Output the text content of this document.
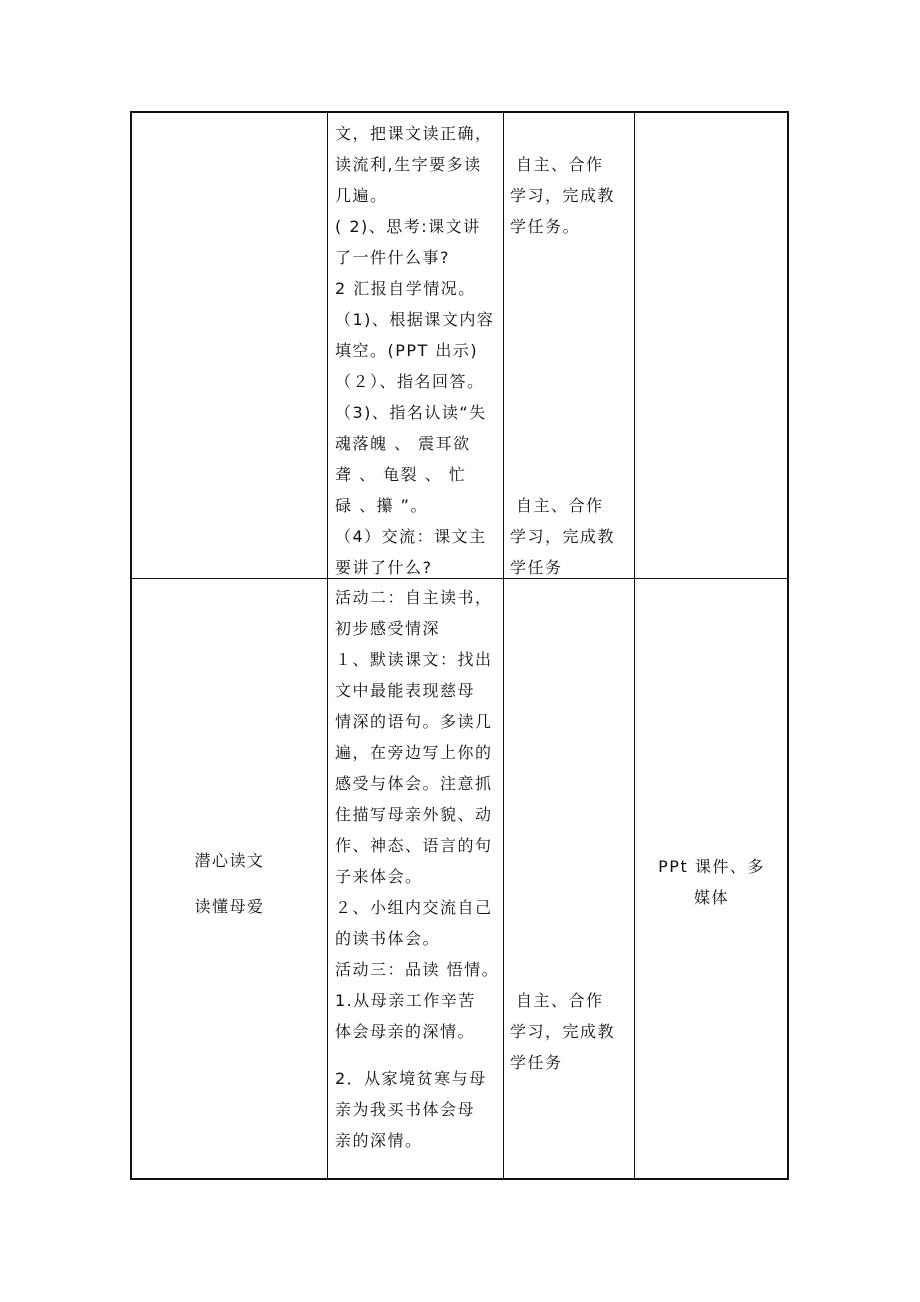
文，把课文读正确，

读流利,生字要多读

几遍。

( 2)、思考:课文讲

了一件什么事?

2 汇报自学情况。

（1)、根据课文内容

填空。(PPT 出示)

（２）、指名回答。

（3)、指名认读“失

魂落魄 、 震耳欲

聋 、 龟裂 、 忙

碌 、攥 ”。

（4）交流：课文主

要讲了什么?

自主、合作

学习，完成教

学任务。

自主、合作

学习，完成教

学任务

潜心读文

读懂母爱

活动二：自主读书，

初步感受情深

１、默读课文：找出

文中最能表现慈母

情深的语句。多读几

遍，在旁边写上你的

感受与体会。注意抓

住描写母亲外貌、动

作、神态、语言的句

子来体会。

２、小组内交流自己

的读书体会。

活动三：品读 悟情。

1.从母亲工作辛苦

体会母亲的深情。

2．从家境贫寒与母

亲为我买书体会母

亲的深情。

自主、合作

学习，完成教

学任务

PPt 课件、多

媒体
